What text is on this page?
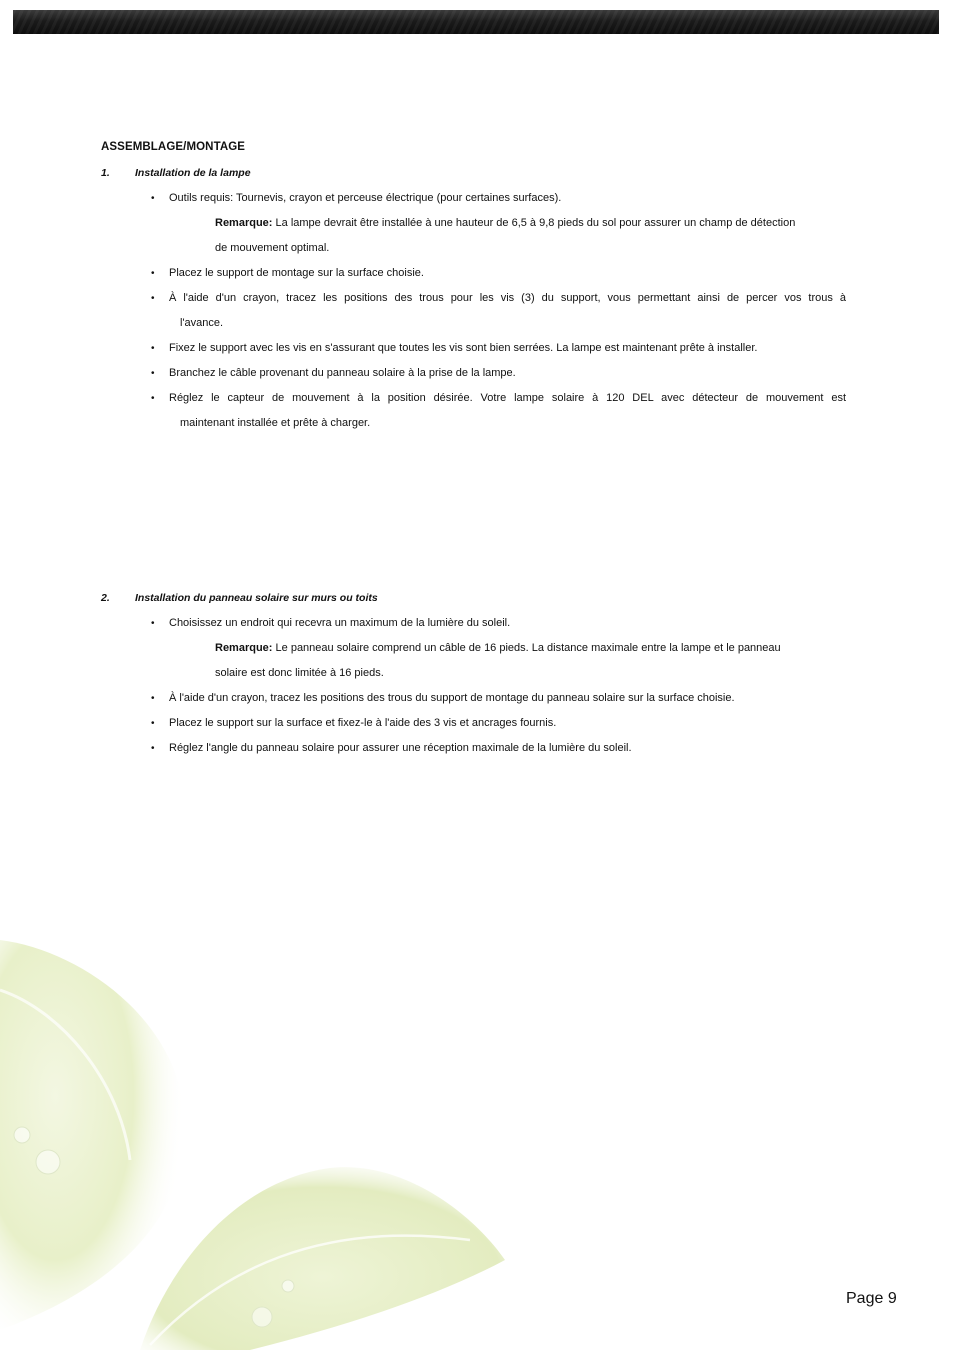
ASSEMBLAGE/MONTAGE
1. Installation de la lampe
•	Outils requis: Tournevis, crayon et perceuse électrique (pour certaines surfaces).
Remarque: La lampe devrait être installée à une hauteur de 6,5 à 9,8 pieds du sol pour assurer un champ de détection
de mouvement optimal.
•	Placez le support de montage sur la surface choisie.
•	À l'aide d'un crayon, tracez les positions des trous pour les vis (3) du support, vous permettant ainsi de percer vos trous à
l'avance.
•	Fixez le support avec les vis en s'assurant que toutes les vis sont bien serrées. La lampe est maintenant prête à installer.
•	Branchez le câble provenant du panneau solaire à la prise de la lampe.
•	Réglez le capteur de mouvement à la position désirée. Votre lampe solaire à 120 DEL avec détecteur de mouvement est
maintenant installée et prête à charger.
2. Installation du panneau solaire sur murs ou toits
•	Choisissez un endroit qui recevra un maximum de la lumière du soleil.
Remarque: Le panneau solaire comprend un câble de 16 pieds. La distance maximale entre la lampe et le panneau
solaire est donc limitée à 16 pieds.
•	À l'aide d'un crayon, tracez les positions des trous du support de montage du panneau solaire sur la surface choisie.
•	Placez le support sur la surface et fixez-le à l'aide des 3 vis et ancrages fournis.
•	Réglez l'angle du panneau solaire pour assurer une réception maximale de la lumière du soleil.
Page 9
